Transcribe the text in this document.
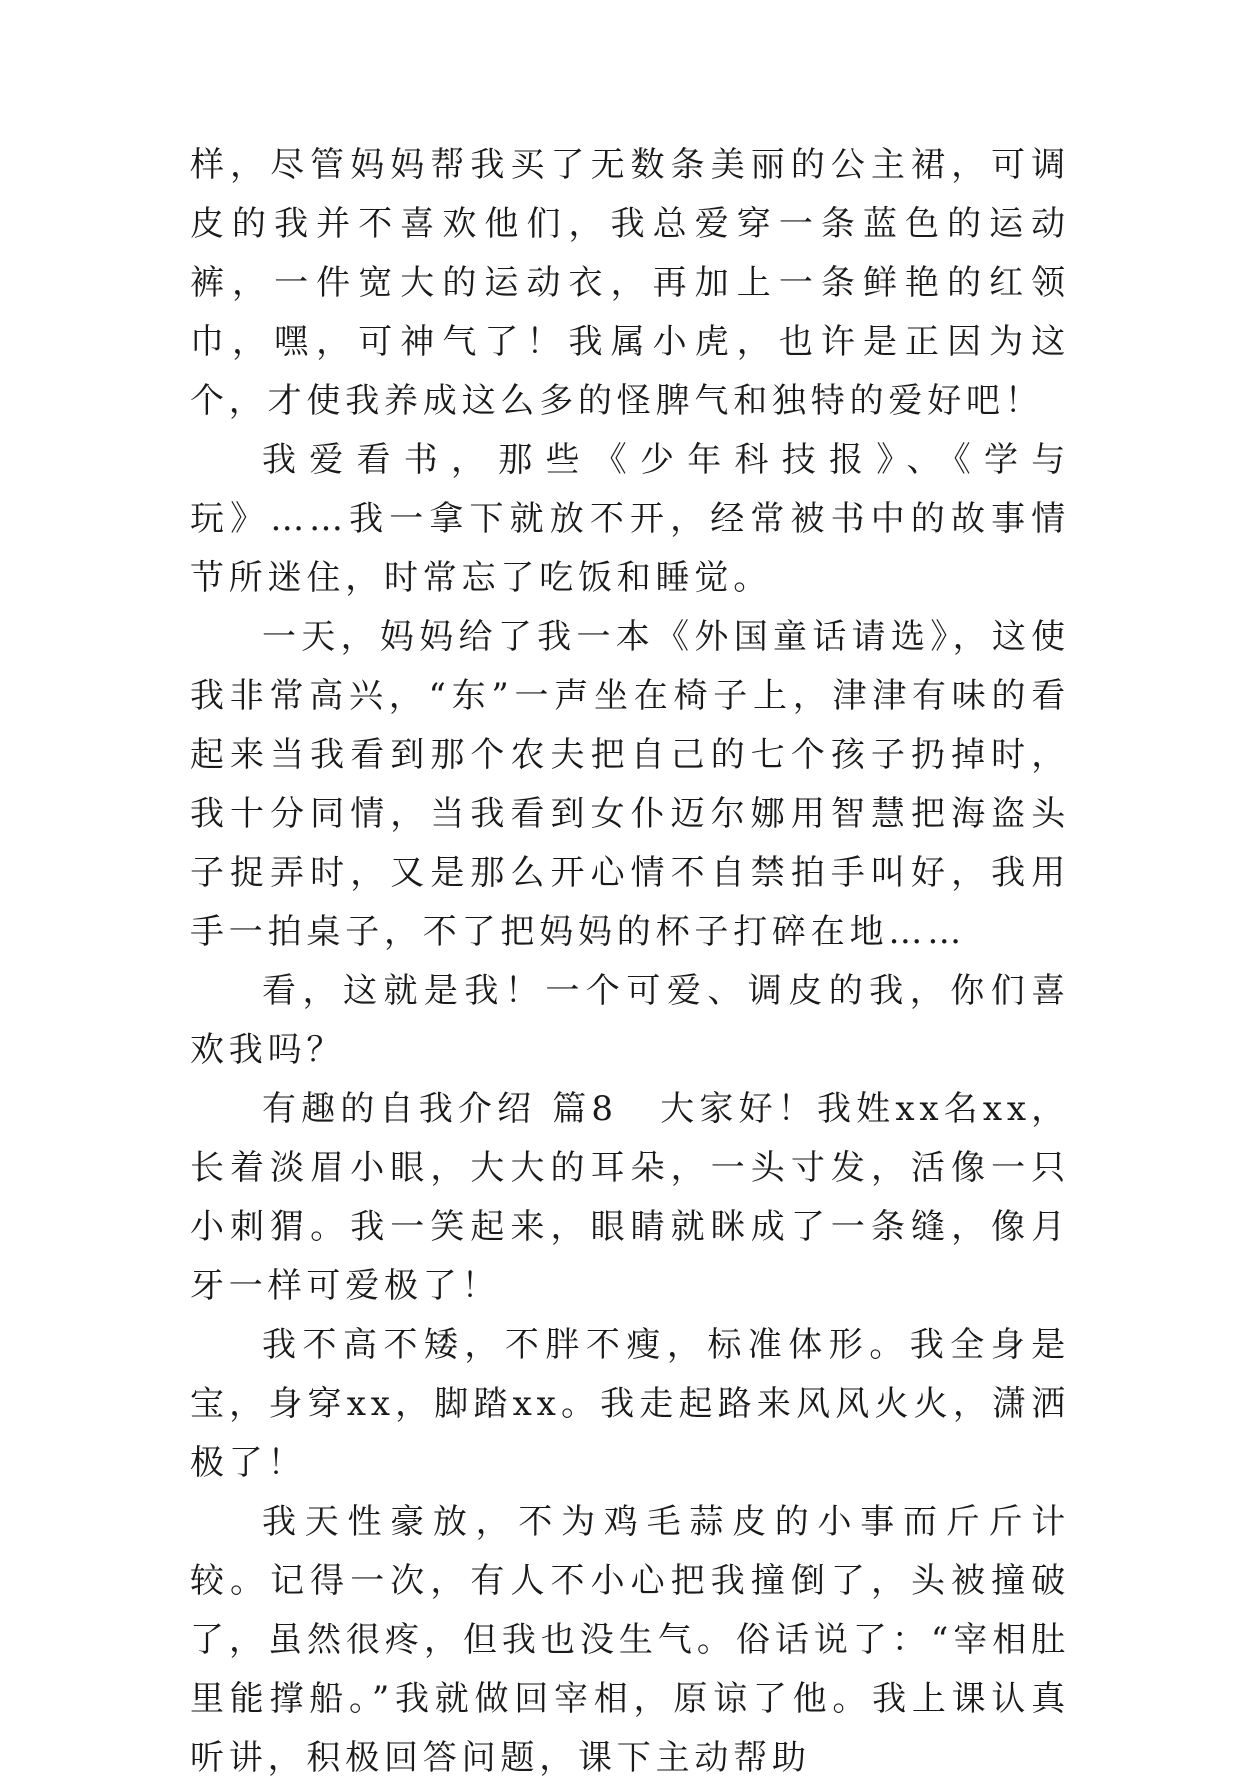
样，尽管妈妈帮我买了无数条美丽的公主裙，可调皮的我并不喜欢他们，我总爱穿一条蓝色的运动裤，一件宽大的运动衣，再加上一条鲜艳的红领巾，嘿，可神气了！我属小虎，也许是正因为这个，才使我养成这么多的怪脾气和独特的爱好吧！

我爱看书，那些《少年科技报》、《学与玩》……我一拿下就放不开，经常被书中的故事情节所迷住，时常忘了吃饭和睡觉。

一天，妈妈给了我一本《外国童话请选》，这使我非常高兴，“东”一声坐在椅子上，津津有味的看起来当我看到那个农夫把自己的七个孩子扔掉时，我十分同情，当我看到女仆迈尔娜用智慧把海盗头子捉弄时，又是那么开心情不自禁拍手叫好，我用手一拍桌子，不了把妈妈的杯子打碎在地……

看，这就是我！一个可爱、调皮的我，你们喜欢我吗？

有趣的自我介绍 篇8 大家好！我姓xx名xx，长着淡眉小眼，大大的耳朵，一头寸发，活像一只小刺猬。我一笑起来，眼睛就眯成了一条缝，像月牙一样可爱极了！

我不高不矮，不胖不瘦，标准体形。我全身是宝，身穿xx，脚踏xx。我走起路来风风火火，潇洒极了！

我天性豪放，不为鸡毛蒜皮的小事而斤斤计较。记得一次，有人不小心把我撞倒了，头被撞破了，虽然很疼，但我也没生气。俗话说了：“宰相肚里能撑船。”我就做回宰相，原谅了他。我上课认真听讲，积极回答问题，课下主动帮助
